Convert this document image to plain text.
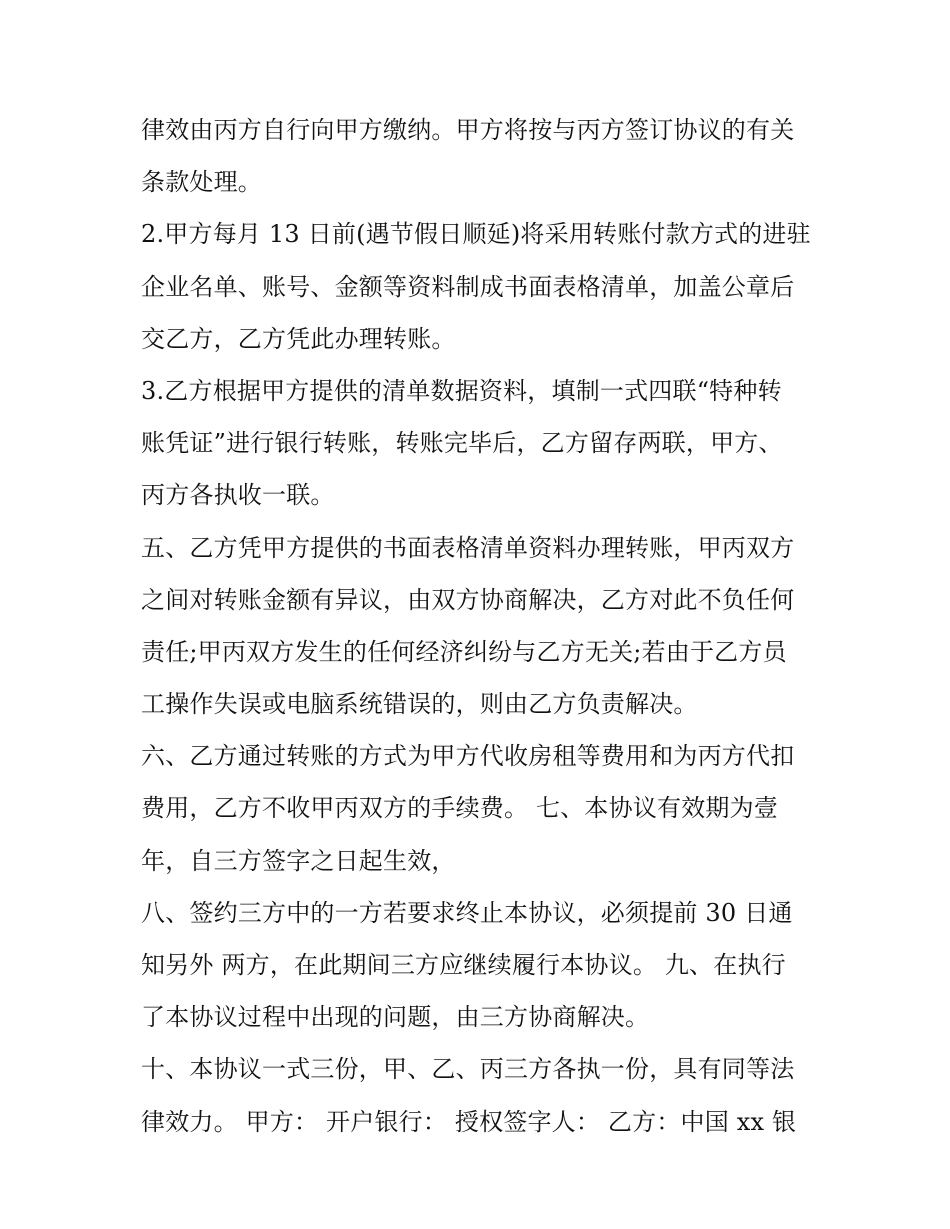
律效由丙方自行向甲方缴纳。甲方将按与丙方签订协议的有关
条款处理。
2.甲方每月 13 日前(遇节假日顺延)将采用转账付款方式的进驻
企业名单、账号、金额等资料制成书面表格清单，加盖公章后
交乙方，乙方凭此办理转账。
3.乙方根据甲方提供的清单数据资料，填制一式四联“特种转
账凭证”进行银行转账，转账完毕后，乙方留存两联，甲方、
丙方各执收一联。
五、乙方凭甲方提供的书面表格清单资料办理转账，甲丙双方
之间对转账金额有异议，由双方协商解决，乙方对此不负任何
责任;甲丙双方发生的任何经济纠纷与乙方无关;若由于乙方员
工操作失误或电脑系统错误的，则由乙方负责解决。
六、乙方通过转账的方式为甲方代收房租等费用和为丙方代扣
费用，乙方不收甲丙双方的手续费。 七、本协议有效期为壹
年，自三方签字之日起生效，
八、签约三方中的一方若要求终止本协议，必须提前 30 日通
知另外 两方，在此期间三方应继续履行本协议。 九、在执行
了本协议过程中出现的问题，由三方协商解决。
十、本协议一式三份，甲、乙、丙三方各执一份，具有同等法
律效力。 甲方： 开户银行： 授权签字人： 乙方：中国 xx 银
